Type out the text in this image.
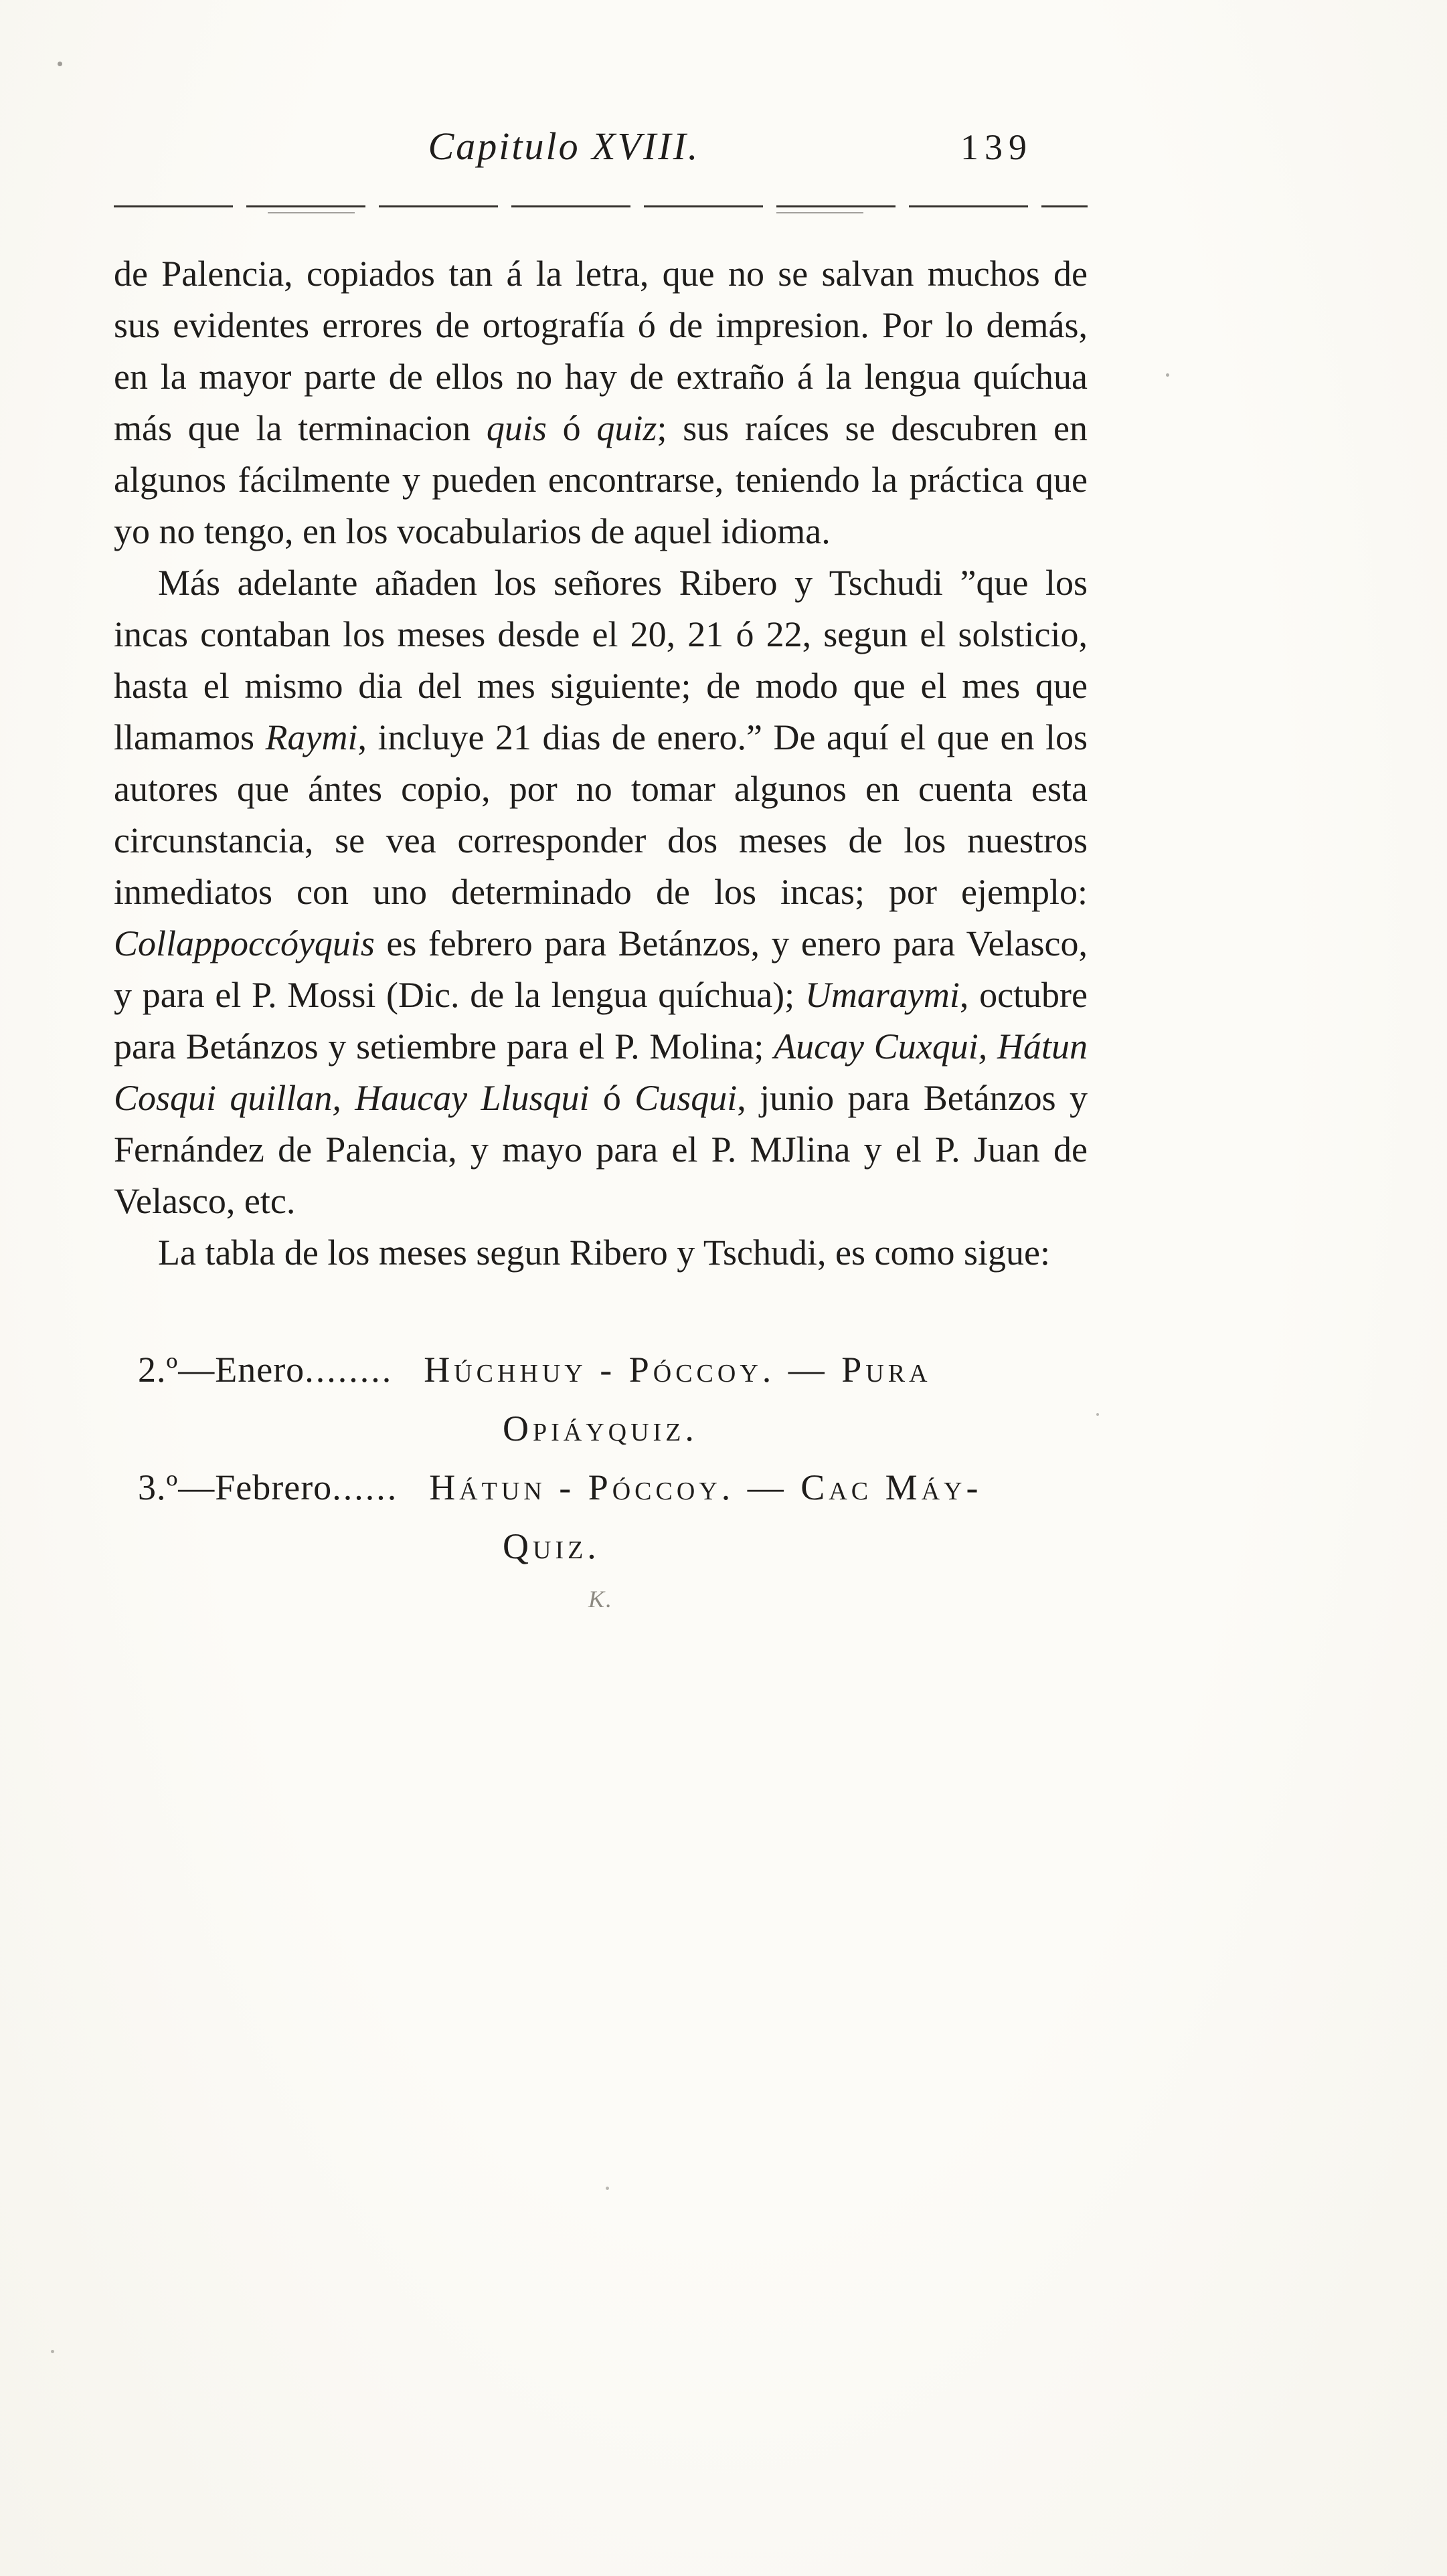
Capitulo XVIII.	139

de Palencia, copiados tan á la letra, que no se salvan muchos de sus evidentes errores de ortografía ó de impresion. Por lo demás, en la mayor parte de ellos no hay de extraño á la lengua quíchua más que la terminacion quis ó quiz; sus raíces se descubren en algunos fácilmente y pueden encontrarse, teniendo la práctica que yo no tengo, en los vocabularios de aquel idioma.

Más adelante añaden los señores Ribero y Tschudi ”que los incas contaban los meses desde el 20, 21 ó 22, segun el solsticio, hasta el mismo dia del mes siguiente; de modo que el mes que llamamos Raymi, incluye 21 dias de enero.” De aquí el que en los autores que ántes copio, por no tomar algunos en cuenta esta circunstancia, se vea corresponder dos meses de los nuestros inmediatos con uno determinado de los incas; por ejemplo: Collappoccóyquis es febrero para Betánzos, y enero para Velasco, y para el P. Mossi (Dic. de la lengua quíchua); Umaraymi, octubre para Betánzos y setiembre para el P. Molina; Aucay Cuxqui, Hátun Cosqui quillan, Haucay Llusqui ó Cusqui, junio para Betánzos y Fernández de Palencia, y mayo para el P. MJlina y el P. Juan de Velasco, etc.

La tabla de los meses segun Ribero y Tschudi, es como sigue:

2.º—Enero........ Húchhuy - Póccoy. — Pura
Opiáyquiz.
3.º—Febrero...... Hátun - Póccoy. — Cac Máy-
Quiz.
K.
